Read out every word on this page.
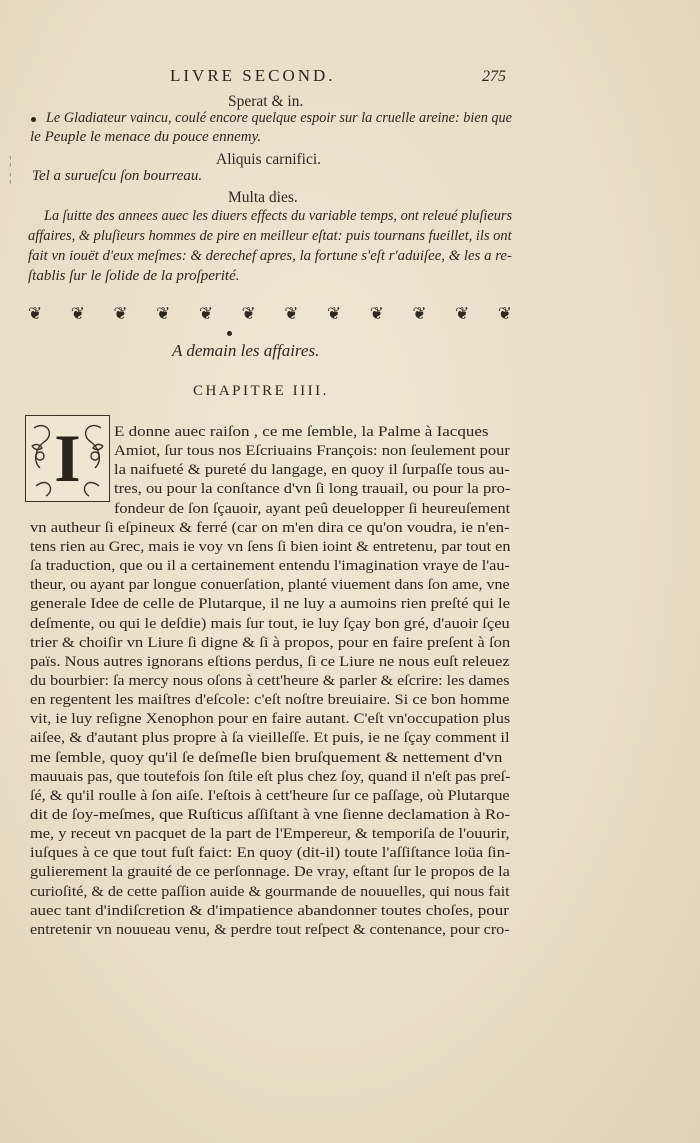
LIVRE SECOND.	275
Sperat & in.
Le Gladiateur vaincu, coulé encore quelque espoir sur la cruelle areine: bien que
le Peuple le menace du pouce ennemy.
Aliquis carnifici.
Tel a surueſcu ſon bourreau.
Multa dies.
La ſuitte des annees auec les diuers effects du variable temps, ont releué pluſieurs
affaires, & pluſieurs hommes de pire en meilleur eſtat: puis tournans fueillet, ils ont
fait vn iouët d'eux meſmes: & derechef apres, la fortune s'eſt r'aduiſee, & les a re-
ſtablis ſur le ſolide de la proſperité.
❦ ❦ ❦ ❦ ❦ ❦ ❦ ❦ ❦ ❦ ❦ ❦
A demain les affaires.
CHAPITRE IIII.
I	E donne auec raiſon , ce me ſemble, la Palme à Iacques
Amiot, ſur tous nos Eſcriuains François: non ſeulement pour
la naifueté & pureté du langage, en quoy il ſurpaſſe tous au-
tres, ou pour la conſtance d'vn ſi long trauail, ou pour la pro-
fondeur de ſon ſçauoir, ayant peû deuelopper ſi heureuſement
vn autheur ſi eſpineux & ferré (car on m'en dira ce qu'on voudra, ie n'en-
tens rien au Grec, mais ie voy vn ſens ſi bien ioint & entretenu, par tout en
ſa traduction, que ou il a certainement entendu l'imagination vraye de l'au-
theur, ou ayant par longue conuerſation, planté viuement dans ſon ame, vne
generale Idee de celle de Plutarque, il ne luy a aumoins rien preſté qui le
deſmente, ou qui le deſdie) mais ſur tout, ie luy ſçay bon gré, d'auoir ſçeu
trier & choiſir vn Liure ſi digne & ſi à propos, pour en faire preſent à ſon
païs. Nous autres ignorans eſtions perdus, ſi ce Liure ne nous euſt releuez
du bourbier: ſa mercy nous oſons à cett'heure & parler & eſcrire: les dames
en regentent les maiſtres d'eſcole: c'eſt noſtre breuiaire. Si ce bon homme
vit, ie luy reſigne Xenophon pour en faire autant. C'eſt vn'occupation plus
aiſee, & d'autant plus propre à ſa vieilleſſe. Et puis, ie ne ſçay comment il
me ſemble, quoy qu'il ſe deſmeſle bien bruſquement & nettement d'vn
mauuais pas, que toutefois ſon ſtile eſt plus chez ſoy, quand il n'eſt pas preſ-
ſé, & qu'il roulle à ſon aiſe. I'eſtois à cett'heure ſur ce paſſage, où Plutarque
dit de ſoy-meſmes, que Ruſticus aſſiſtant à vne ſienne declamation à Ro-
me, y receut vn pacquet de la part de l'Empereur, & temporiſa de l'ouurir,
iuſques à ce que tout fuſt faict: En quoy (dit-il) toute l'aſſiſtance loüa ſin-
gulierement la grauité de ce perſonnage. De vray, eſtant ſur le propos de la
curioſité, & de cette paſſion auide & gourmande de nouuelles, qui nous fait
auec tant d'indiſcretion & d'impatience abandonner toutes choſes, pour
entretenir vn nouueau venu, & perdre tout reſpect & contenance, pour cro-
¦
¦
